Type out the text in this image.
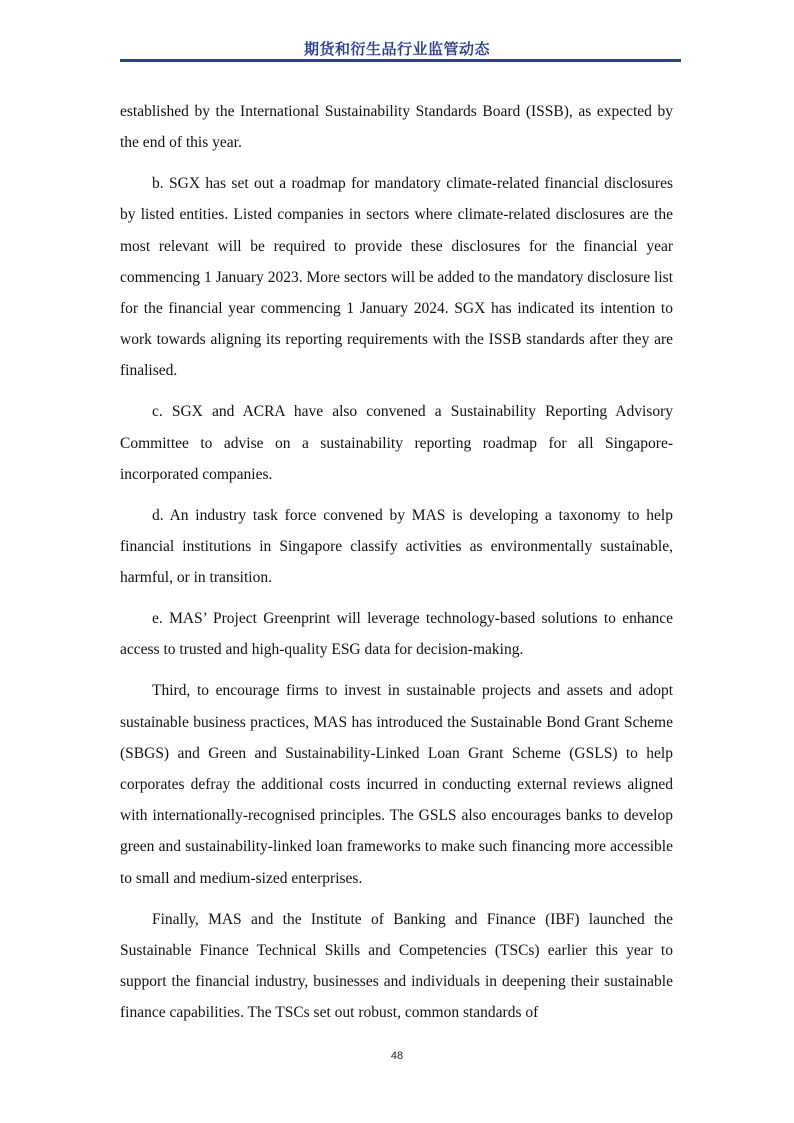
期货和衍生品行业监管动态

established by the International Sustainability Standards Board (ISSB), as expected by the end of this year.

b. SGX has set out a roadmap for mandatory climate-related financial disclosures by listed entities. Listed companies in sectors where climate-related disclosures are the most relevant will be required to provide these disclosures for the financial year commencing 1 January 2023. More sectors will be added to the mandatory disclosure list for the financial year commencing 1 January 2024. SGX has indicated its intention to work towards aligning its reporting requirements with the ISSB standards after they are finalised.

c. SGX and ACRA have also convened a Sustainability Reporting Advisory Committee to advise on a sustainability reporting roadmap for all Singapore-incorporated companies.

d. An industry task force convened by MAS is developing a taxonomy to help financial institutions in Singapore classify activities as environmentally sustainable, harmful, or in transition.

e. MAS’ Project Greenprint will leverage technology-based solutions to enhance access to trusted and high-quality ESG data for decision-making.

Third, to encourage firms to invest in sustainable projects and assets and adopt sustainable business practices, MAS has introduced the Sustainable Bond Grant Scheme (SBGS) and Green and Sustainability-Linked Loan Grant Scheme (GSLS) to help corporates defray the additional costs incurred in conducting external reviews aligned with internationally-recognised principles. The GSLS also encourages banks to develop green and sustainability-linked loan frameworks to make such financing more accessible to small and medium-sized enterprises.

Finally, MAS and the Institute of Banking and Finance (IBF) launched the Sustainable Finance Technical Skills and Competencies (TSCs) earlier this year to support the financial industry, businesses and individuals in deepening their sustainable finance capabilities. The TSCs set out robust, common standards of

48
